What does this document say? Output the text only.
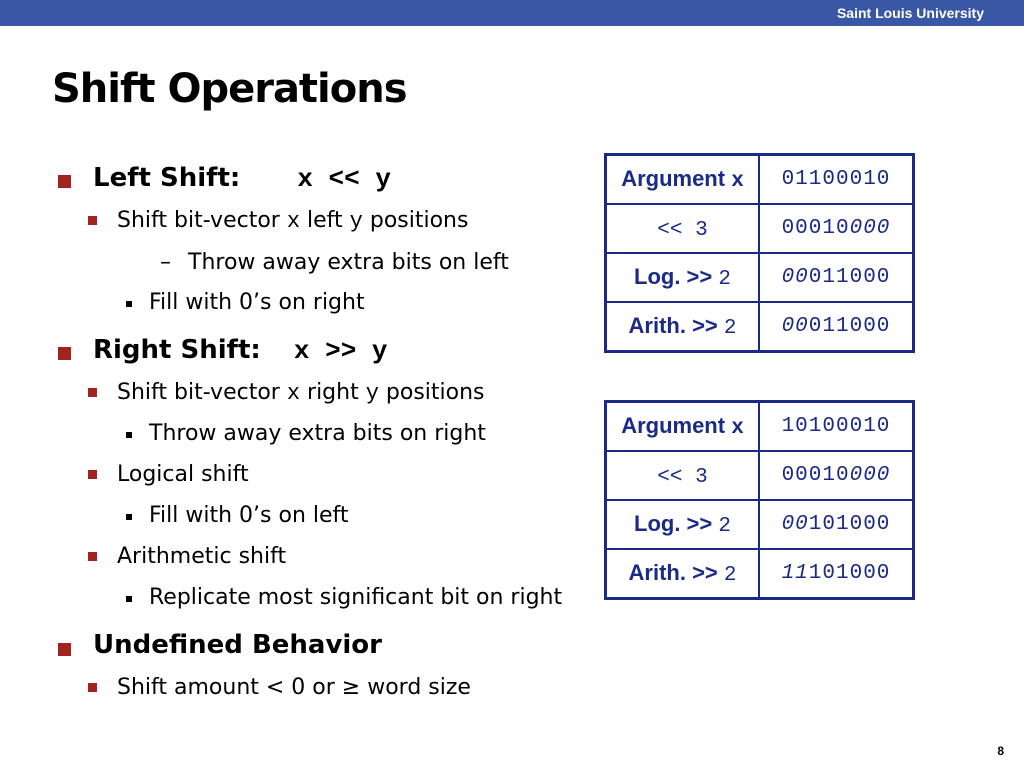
Saint Louis University
Shift Operations
Left Shift: x << y
Shift bit-vector x left y positions
– Throw away extra bits on left
Fill with 0’s on right
Right Shift: x >> y
Shift bit-vector x right y positions
Throw away extra bits on right
Logical shift
Fill with 0’s on left
Arithmetic shift
Replicate most significant bit on right
Undefined Behavior
Shift amount < 0 or ≥ word size
Argument x	01100010
<< 3	00010000
Log. >> 2	00011000
Arith. >> 2	00011000
Argument x	10100010
<< 3	00010000
Log. >> 2	00101000
Arith. >> 2	11101000
8
